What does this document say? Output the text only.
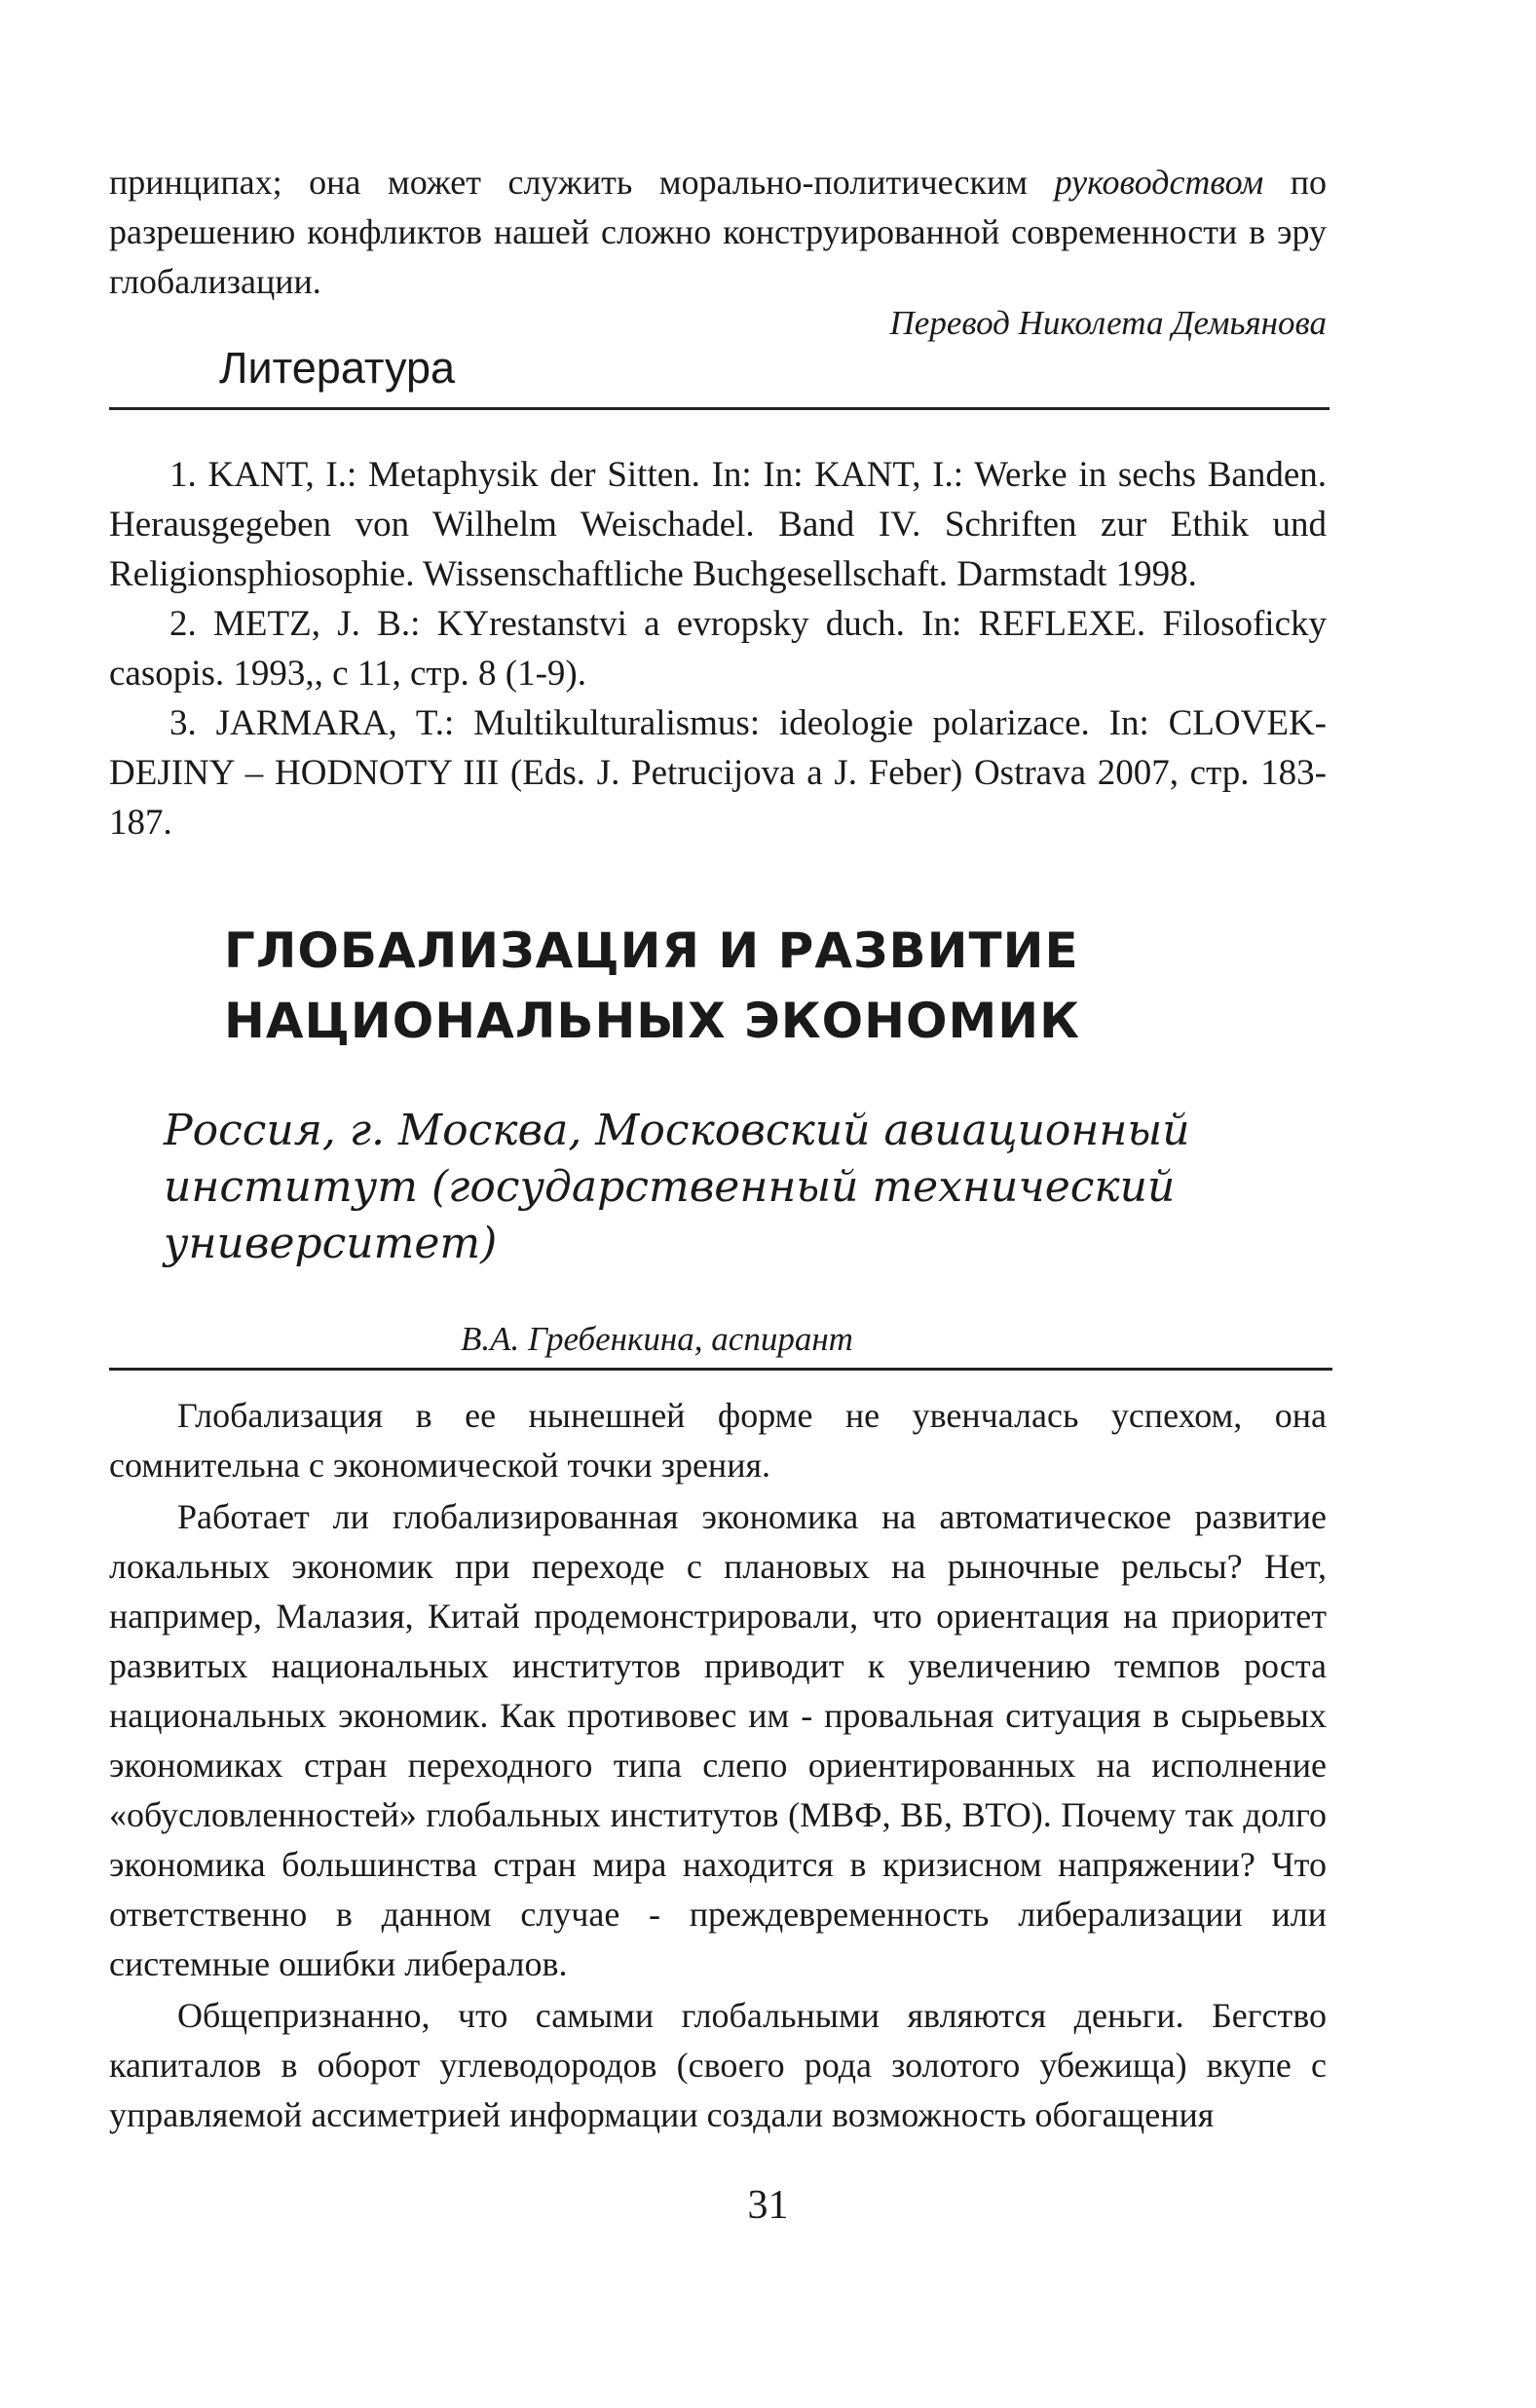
принципах; она может служить морально-политическим руководством по разрешению конфликтов нашей сложно конструированной современности в эру глобализации.

Перевод Николета Демьянова
Литература

1. KANT, I.: Metaphysik der Sitten. In: In: KANT, I.: Werke in sechs Banden. Herausgegeben von Wilhelm Weischadel. Band IV. Schriften zur Ethik und Religionsphiosophie. Wissenschaftliche Buchgesellschaft. Darmstadt 1998.

2. METZ, J. B.: KYrestanstvi a evropsky duch. In: REFLEXE. Filosoficky casopis. 1993,, с 11, стр. 8 (1-9).

3. JARMARA, T.: Multikulturalismus: ideologie polarizace. In: CLOVEK-DEJINY – HODNOTY III (Eds. J. Petrucijova a J. Feber) Ostrava 2007, стр. 183-187.

ГЛОБАЛИЗАЦИЯ И РАЗВИТИЕ
НАЦИОНАЛЬНЫХ ЭКОНОМИК
Россия, г. Москва, Московский авиационный институт (государственный технический университет)
В.А. Гребенкина, аспирант

Глобализация в ее нынешней форме не увенчалась успехом, она сомнительна с экономической точки зрения.

Работает ли глобализированная экономика на автоматическое развитие локальных экономик при переходе с плановых на рыночные рельсы? Нет, например, Малазия, Китай продемонстрировали, что ориентация на приоритет развитых национальных институтов приводит к увеличению темпов роста национальных экономик. Как противовес им - провальная ситуация в сырьевых экономиках стран переходного типа слепо ориентированных на исполнение «обусловленностей» глобальных институтов (МВФ, ВБ, ВТО). Почему так долго экономика большинства стран мира находится в кризисном напряжении? Что ответственно в данном случае - преждевременность либерализации или системные ошибки либералов.

Общепризнанно, что самыми глобальными являются деньги. Бегство капиталов в оборот углеводородов (своего рода золотого убежища) вкупе с управляемой ассиметрией информации создали возможность обогащения

31
